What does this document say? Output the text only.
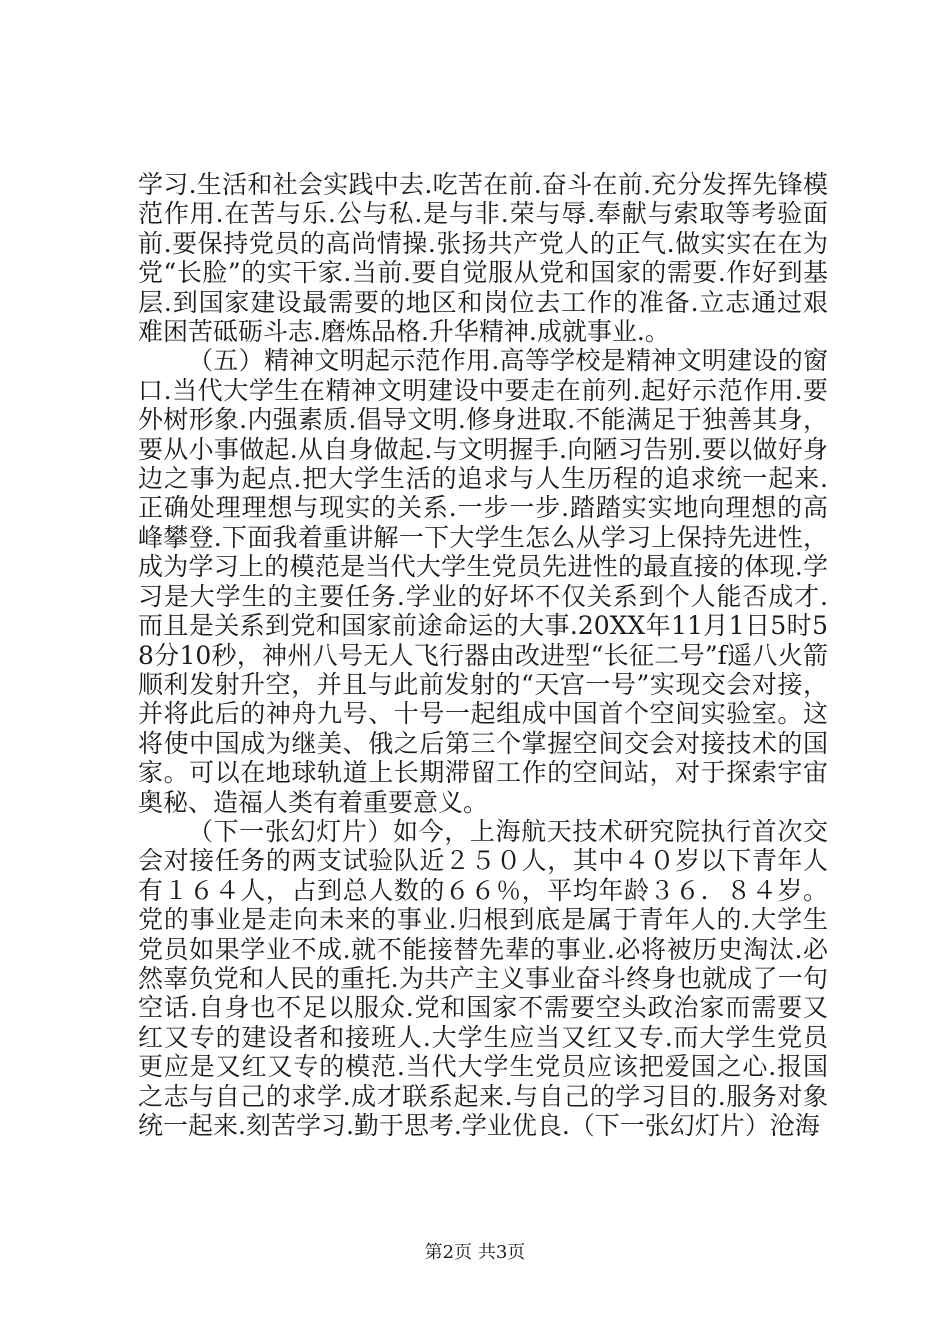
学习.生活和社会实践中去.吃苦在前.奋斗在前.充分发挥先锋模范作用.在苦与乐.公与私.是与非.荣与辱.奉献与索取等考验面前.要保持党员的高尚情操.张扬共产党人的正气.做实实在在为党“长脸”的实干家.当前.要自觉服从党和国家的需要.作好到基层.到国家建设最需要的地区和岗位去工作的准备.立志通过艰难困苦砥砺斗志.磨炼品格.升华精神.成就事业.。

（五）精神文明起示范作用.高等学校是精神文明建设的窗口.当代大学生在精神文明建设中要走在前列.起好示范作用.要外树形象.内强素质.倡导文明.修身进取.不能满足于独善其身，要从小事做起.从自身做起.与文明握手.向陋习告别.要以做好身边之事为起点.把大学生活的追求与人生历程的追求统一起来.正确处理理想与现实的关系.一步一步.踏踏实实地向理想的高峰攀登.下面我着重讲解一下大学生怎么从学习上保持先进性，成为学习上的模范是当代大学生党员先进性的最直接的体现.学习是大学生的主要任务.学业的好坏不仅关系到个人能否成才.而且是关系到党和国家前途命运的大事.20XX年11月1日5时58分10秒，神州八号无人飞行器由改进型“长征二号”f遥八火箭顺利发射升空，并且与此前发射的“天宫一号”实现交会对接，并将此后的神舟九号、十号一起组成中国首个空间实验室。这将使中国成为继美、俄之后第三个掌握空间交会对接技术的国家。可以在地球轨道上长期滞留工作的空间站，对于探索宇宙奥秘、造福人类有着重要意义。

（下一张幻灯片）如今，上海航天技术研究院执行首次交会对接任务的两支试验队近２５０人，其中４０岁以下青年人有１６４人，占到总人数的６６％，平均年龄３６．８４岁。党的事业是走向未来的事业.归根到底是属于青年人的.大学生党员如果学业不成.就不能接替先辈的事业.必将被历史淘汰.必然辜负党和人民的重托.为共产主义事业奋斗终身也就成了一句空话.自身也不足以服众.党和国家不需要空头政治家而需要又红又专的建设者和接班人.大学生应当又红又专.而大学生党员更应是又红又专的模范.当代大学生党员应该把爱国之心.报国之志与自己的求学.成才联系起来.与自己的学习目的.服务对象统一起来.刻苦学习.勤于思考.学业优良.（下一张幻灯片）沧海

第2页 共3页
